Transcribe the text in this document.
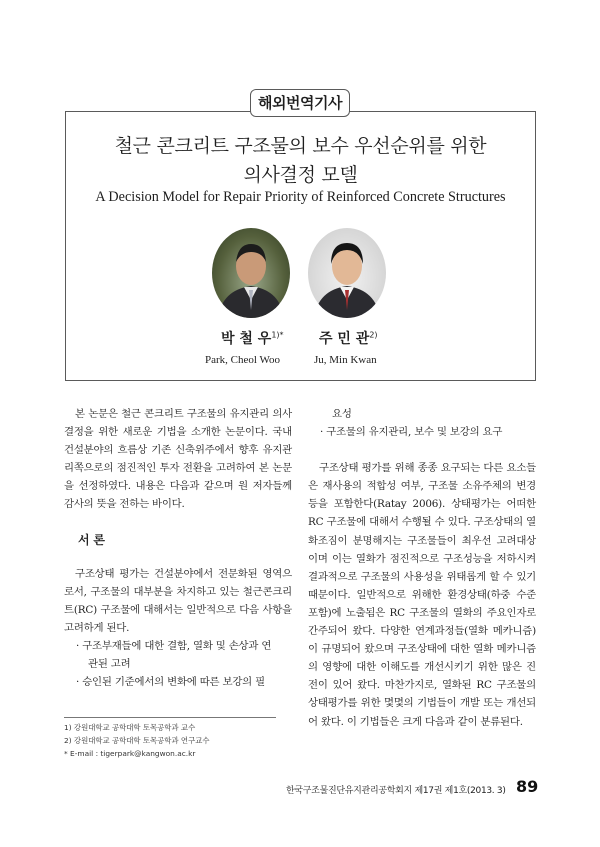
해외번역기사
철근 콘크리트 구조물의 보수 우선순위를 위한
의사결정 모델
A Decision Model for Repair Priority of Reinforced Concrete Structures
박 철 우$^{1)*}$	주 민 관$^{2)}$
Park, Cheol Woo	Ju, Min Kwan

본 논문은 철근 콘크리트 구조물의 유지관리 의사결정을 위한 새로운 기법을 소개한 논문이다. 국내 건설분야의 흐름상 기존 신축위주에서 향후 유지관리쪽으로의 점진적인 투자 전환을 고려하여 본 논문을 선정하였다. 내용은 다음과 같으며 원 저자들께 감사의 뜻을 전하는 바이다.

서 론

구조상태 평가는 건설분야에서 전문화된 영역으로서, 구조물의 대부분을 차지하고 있는 철근콘크리트(RC) 구조물에 대해서는 일반적으로 다음 사항을 고려하게 된다.

· 구조부재들에 대한 결함, 열화 및 손상과 연

관된 고려

· 승인된 기준에서의 변화에 따른 보강의 필

요성

· 구조물의 유지관리, 보수 및 보강의 요구

구조상태 평가를 위해 종종 요구되는 다른 요소들은 재사용의 적합성 여부, 구조물 소유주체의 변경 등을 포함한다(Ratay 2006). 상태평가는 어떠한 RC 구조물에 대해서 수행될 수 있다. 구조상태의 열화조짐이 분명해지는 구조물들이 최우선 고려대상이며 이는 열화가 점진적으로 구조성능을 저하시켜 결과적으로 구조물의 사용성을 위태롭게 할 수 있기 때문이다. 일반적으로 위해한 환경상태(하중 수준 포함)에 노출됨은 RC 구조물의 열화의 주요인자로 간주되어 왔다. 다양한 연계과정들(열화 메카니즘)이 규명되어 왔으며 구조상태에 대한 열화 메카니즘의 영향에 대한 이해도를 개선시키기 위한 많은 진전이 있어 왔다. 마찬가지로, 열화된 RC 구조물의 상태평가를 위한 몇몇의 기법들이 개발 또는 개선되어 왔다. 이 기법들은 크게 다음과 같이 분류된다.

1) 강원대학교 공학대학 토목공학과 교수

2) 강원대학교 공학대학 토목공학과 연구교수

* E-mail : tigerpark@kangwon.ac.kr

한국구조물진단유지관리공학회지 제17권 제1호(2013. 3) 89
